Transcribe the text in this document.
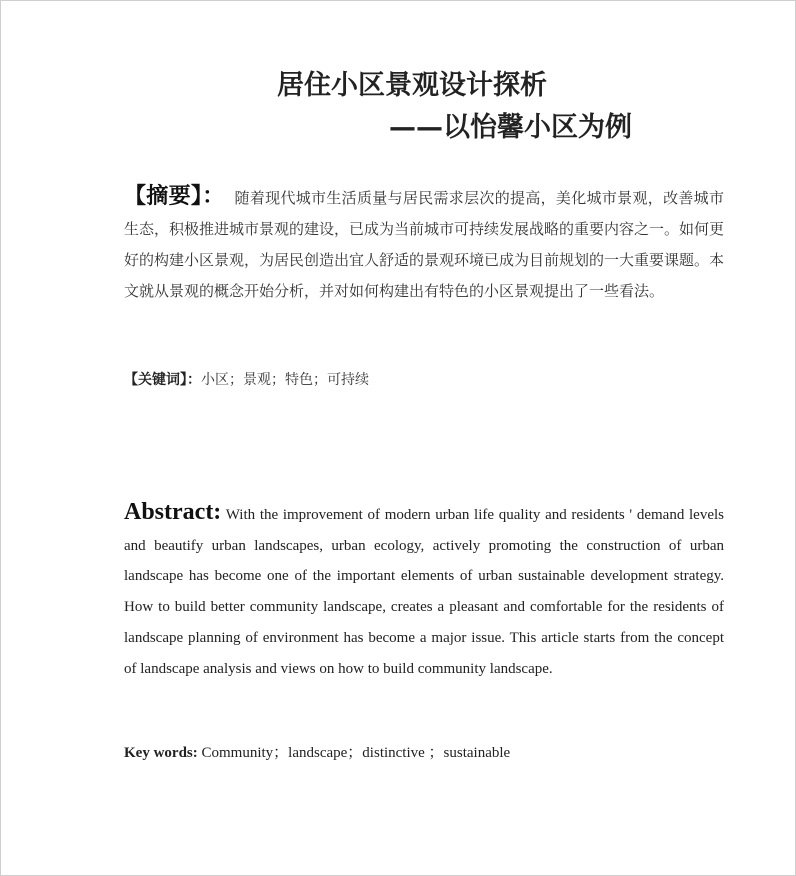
居住小区景观设计探析
——以怡馨小区为例
【摘要】： 随着现代城市生活质量与居民需求层次的提高，美化城市景观，改善城市生态，积极推进城市景观的建设，已成为当前城市可持续发展战略的重要内容之一。如何更好的构建小区景观，为居民创造出宜人舒适的景观环境已成为目前规划的一大重要课题。本文就从景观的概念开始分析，并对如何构建出有特色的小区景观提出了一些看法。
【关键词】：小区；景观；特色；可持续
Abstract: With the improvement of modern urban life quality and residents ' demand levels and beautify urban landscapes, urban ecology, actively promoting the construction of urban landscape has become one of the important elements of urban sustainable development strategy. How to build better community landscape, creates a pleasant and comfortable for the residents of landscape planning of environment has become a major issue. This article starts from the concept of landscape analysis and views on how to build community landscape.
Key words: Community；landscape；distinctive ；sustainable
